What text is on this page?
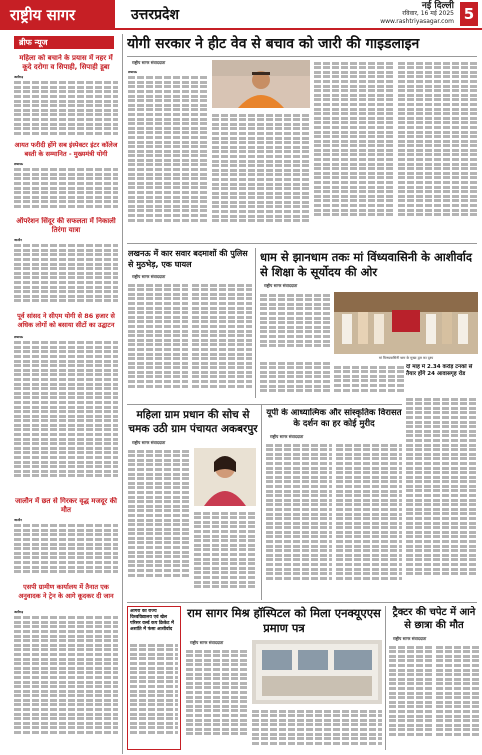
राष्ट्रीय सागर	उत्तरप्रदेश
नई दिल्ली
रविवार, 16 मई 2025
www.rashtriyasagar.com 5
ब्रीफ न्यूज
महिला को बचाने के प्रयास में नहर में कूदे दरोगा व सिपाही, सिपाही डूबा
अलीगढ़
आयत फरीदी होंगे सब इंस्पेक्टर इंटर कॉलेज बस्ती के सम्मानित - मुख्यमंत्री योगी
लखनऊ
ऑपरेशन सिंदूर की सफलता में निकाली तिरंगा यात्रा
जालौन
पूर्व सांसद ने सीएम योगी से 86 हजार से अधिक लोगों को बसाया सीटों का उद्घाटन
लखनऊ
जालौन में छत से गिरकर वृद्ध मजदूर की मौत
जालौन
एसपी ग्रामीण कार्यालय में तैनात एक अनुवादक ने ट्रेन के आगे कूदकर दी जान
अलीगढ़
योगी सरकार ने हीट वेव से बचाव को जारी की गाइडलाइन
राष्ट्रीय सागर संवाददाता
लखनऊ
लखनऊ में कार सवार बदमाशों की पुलिस से मुठभेड़, एक घायल
राष्ट्रीय सागर संवाददाता
धाम से झानधाम तकः मां विंध्यवासिनी के आशीर्वाद से शिक्षा के सूर्योदय की ओर
राष्ट्रीय सागर संवाददाता
मां विन्ध्यवासिनी धाम के मुख्य द्वार का दृश्य
दो माह में 2.34 करोड़ टनकों से तैयार होंगे 24 आवासगृह रोड
महिला ग्राम प्रधान की सोच से चमक उठी ग्राम पंचायत अकबरपुर
राष्ट्रीय सागर संवाददाता
यूपी के आध्यात्मिक और सांस्कृतिक विरासत के दर्शन का हर कोई मुरीद
राष्ट्रीय सागर संवाददाता
आगरा का राज्य विश्वविद्यालय एवं खेल परिसर वर्ल्ड कप क्रिकेट में अशांति में फंसा आशीर्वाद
राम सागर मिश्र हॉस्पिटल को मिला एनक्यूएएस प्रमाण पत्र
राष्ट्रीय सागर संवाददाता
ट्रैक्टर की चपेट में आने से छात्रा की मौत
राष्ट्रीय सागर संवाददाता
